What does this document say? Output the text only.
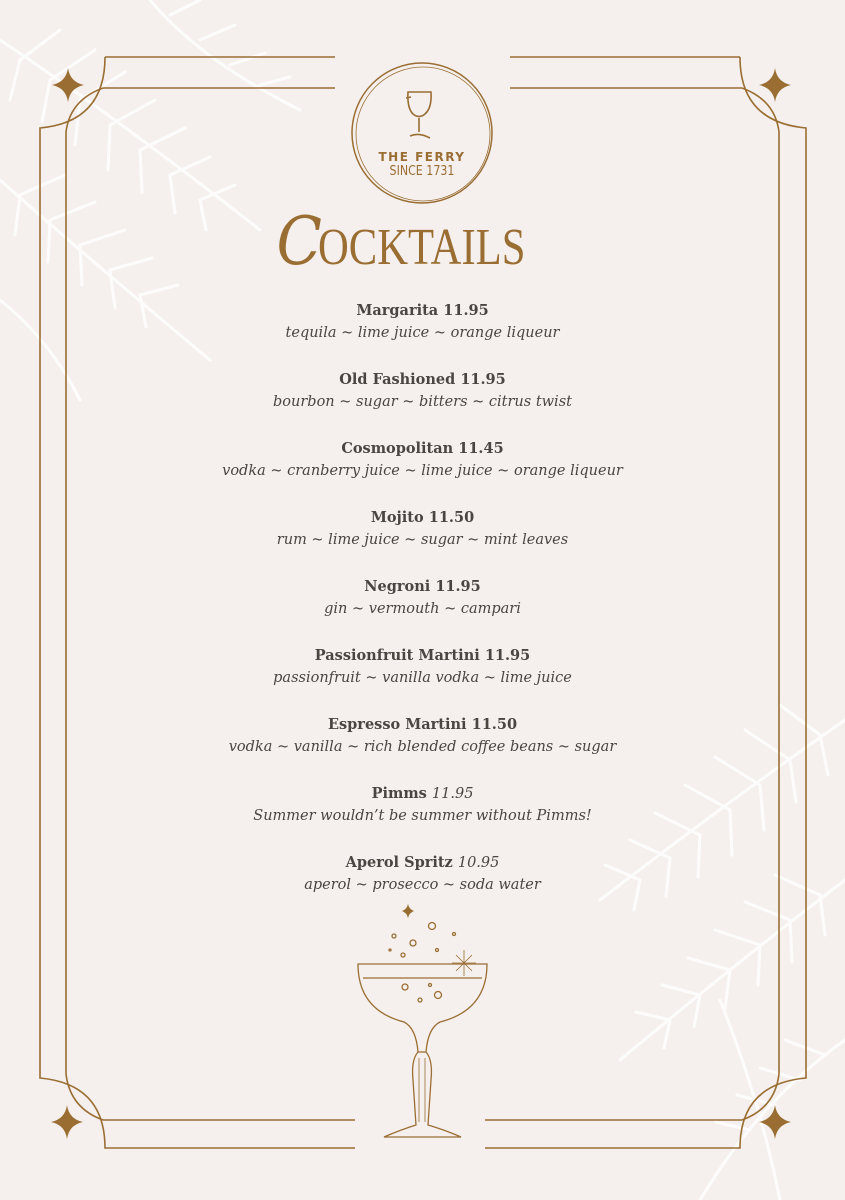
THE FERRY
SINCE 1731
COCKTAILS
Margarita 11.95
tequila ~ lime juice ~ orange liqueur
Old Fashioned 11.95
bourbon ~ sugar ~ bitters ~ citrus twist
Cosmopolitan 11.45
vodka ~ cranberry juice ~ lime juice ~ orange liqueur
Mojito 11.50
rum ~ lime juice ~ sugar ~ mint leaves
Negroni 11.95
gin ~ vermouth ~ campari
Passionfruit Martini 11.95
passionfruit ~ vanilla vodka ~ lime juice
Espresso Martini 11.50
vodka ~ vanilla ~ rich blended coffee beans ~ sugar
Pimms 11.95
Summer wouldn’t be summer without Pimms!
Aperol Spritz 10.95
aperol ~ prosecco ~ soda water
